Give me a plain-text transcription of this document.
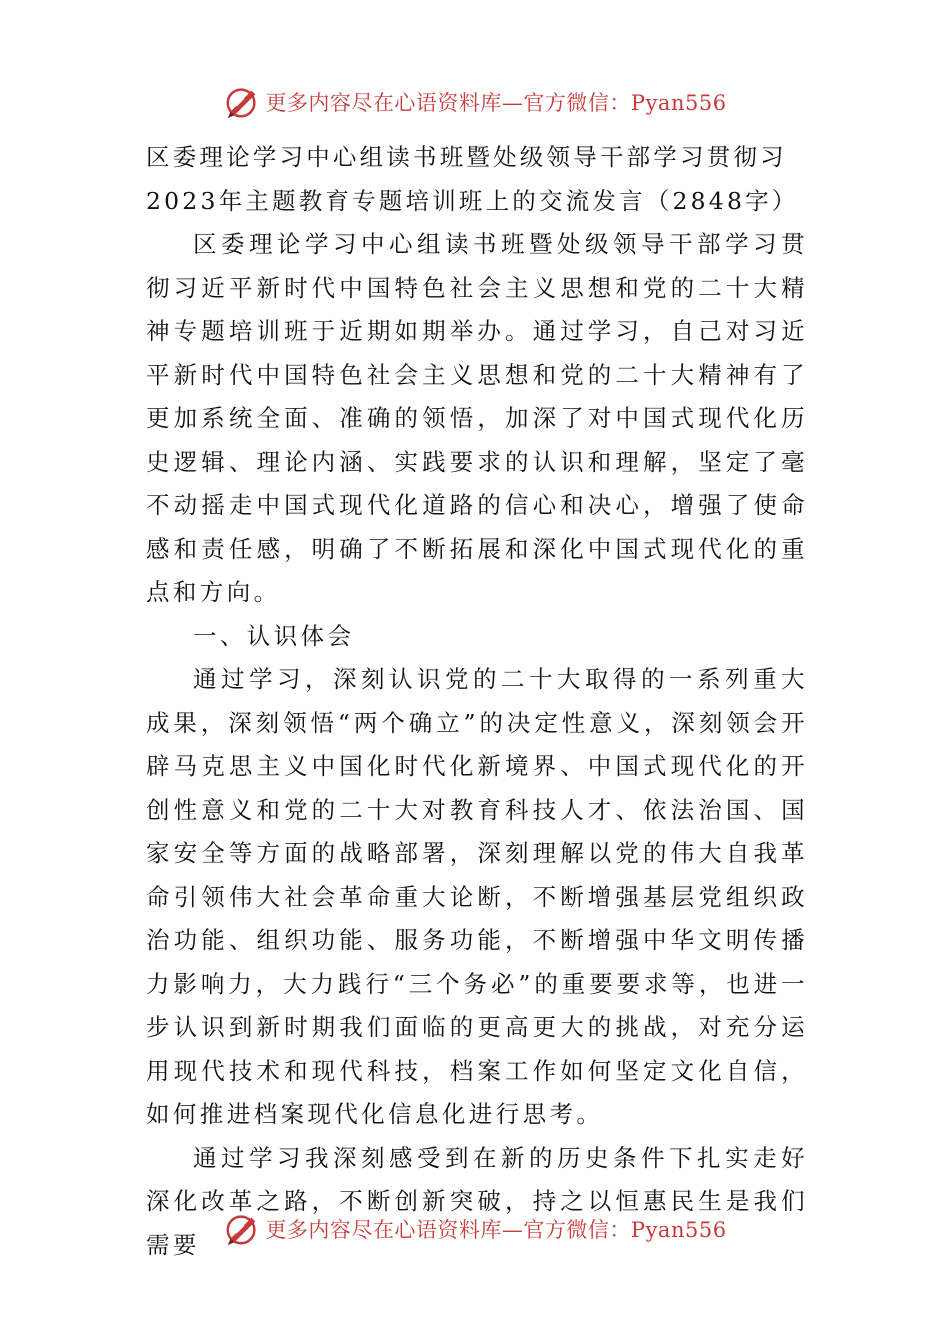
更多内容尽在心语资料库—官方微信：Pyan556

区委理论学习中心组读书班暨处级领导干部学习贯彻习

2023年主题教育专题培训班上的交流发言（2848字）

区委理论学习中心组读书班暨处级领导干部学习贯彻习近平新时代中国特色社会主义思想和党的二十大精神专题培训班于近期如期举办。通过学习，自己对习近平新时代中国特色社会主义思想和党的二十大精神有了更加系统全面、准确的领悟，加深了对中国式现代化历史逻辑、理论内涵、实践要求的认识和理解，坚定了毫不动摇走中国式现代化道路的信心和决心，增强了使命感和责任感，明确了不断拓展和深化中国式现代化的重点和方向。

一、认识体会

通过学习，深刻认识党的二十大取得的一系列重大成果，深刻领悟“两个确立”的决定性意义，深刻领会开辟马克思主义中国化时代化新境界、中国式现代化的开创性意义和党的二十大对教育科技人才、依法治国、国家安全等方面的战略部署，深刻理解以党的伟大自我革命引领伟大社会革命重大论断，不断增强基层党组织政治功能、组织功能、服务功能，不断增强中华文明传播力影响力，大力践行“三个务必”的重要要求等，也进一步认识到新时期我们面临的更高更大的挑战，对充分运用现代技术和现代科技，档案工作如何坚定文化自信，如何推进档案现代化信息化进行思考。

通过学习我深刻感受到在新的历史条件下扎实走好深化改革之路，不断创新突破，持之以恒惠民生是我们需要

更多内容尽在心语资料库—官方微信：Pyan556
